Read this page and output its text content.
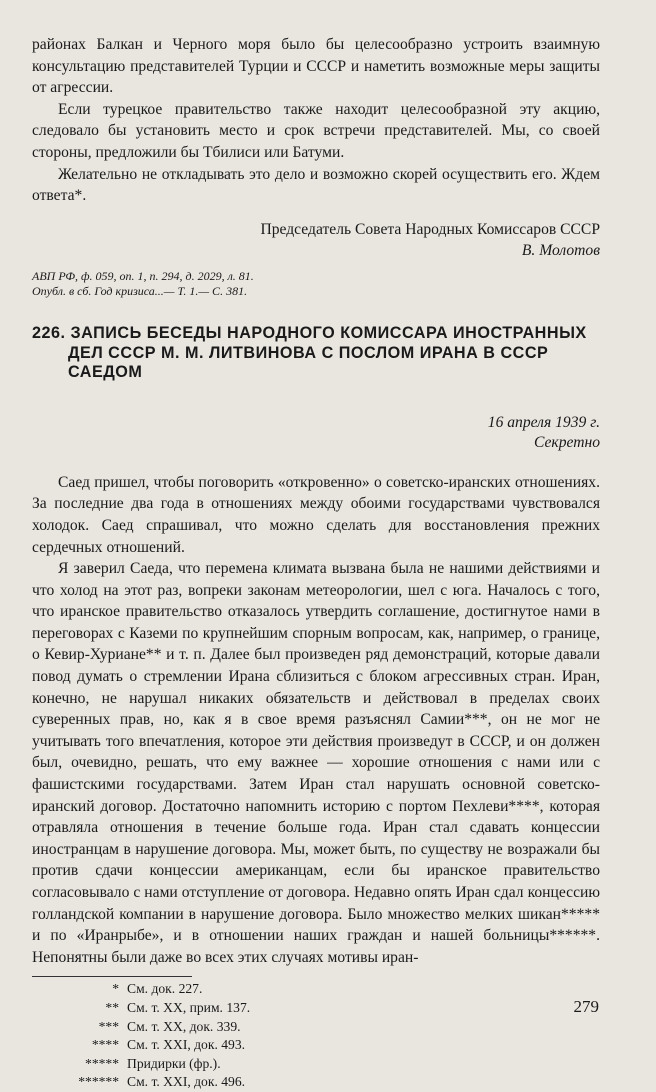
районах Балкан и Черного моря было бы целесообразно устроить взаимную консультацию представителей Турции и СССР и наметить возможные меры защиты от агрессии.

Если турецкое правительство также находит целесообразной эту акцию, следовало бы установить место и срок встречи представителей. Мы, со своей стороны, предложили бы Тбилиси или Батуми.

Желательно не откладывать это дело и возможно скорей осуществить его. Ждем ответа*.

Председатель Совета Народных Комиссаров СССР
В. Молотов
АВП РФ, ф. 059, оп. 1, п. 294, д. 2029, л. 81.
Опубл. в сб. Год кризиса...— Т. 1.— С. 381.
226. ЗАПИСЬ БЕСЕДЫ НАРОДНОГО КОМИССАРА ИНОСТРАННЫХ ДЕЛ СССР М. М. ЛИТВИНОВА С ПОСЛОМ ИРАНА В СССР САЕДОМ
16 апреля 1939 г.
Секретно

Саед пришел, чтобы поговорить «откровенно» о советско-иранских отношениях. За последние два года в отношениях между обоими государствами чувствовался холодок. Саед спрашивал, что можно сделать для восстановления прежних сердечных отношений.

Я заверил Саеда, что перемена климата вызвана была не нашими действиями и что холод на этот раз, вопреки законам метеорологии, шел с юга. Началось с того, что иранское правительство отказалось утвердить соглашение, достигнутое нами в переговорах с Каземи по крупнейшим спорным вопросам, как, например, о границе, о Кевир-Хуриане** и т. п. Далее был произведен ряд демонстраций, которые давали повод думать о стремлении Ирана сблизиться с блоком агрессивных стран. Иран, конечно, не нарушал никаких обязательств и действовал в пределах своих суверенных прав, но, как я в свое время разъяснял Самии***, он не мог не учитывать того впечатления, которое эти действия произведут в СССР, и он должен был, очевидно, решать, что ему важнее — хорошие отношения с нами или с фашистскими государствами. Затем Иран стал нарушать основной советско-иранский договор. Достаточно напомнить историю с портом Пехлеви****, которая отравляла отношения в течение больше года. Иран стал сдавать концессии иностранцам в нарушение договора. Мы, может быть, по существу не возражали бы против сдачи концессии американцам, если бы иранское правительство согласовывало с нами отступление от договора. Недавно опять Иран сдал концессию голландской компании в нарушение договора. Было множество мелких шикан***** и по «Иранрыбе», и в отношении наших граждан и нашей больницы******. Непонятны были даже во всех этих случаях мотивы иран-

* См. док. 227.
** См. т. XX, прим. 137.
*** См. т. XX, док. 339.
**** См. т. XXI, док. 493.
***** Придирки (фр.).
****** См. т. XXI, док. 496.
279
